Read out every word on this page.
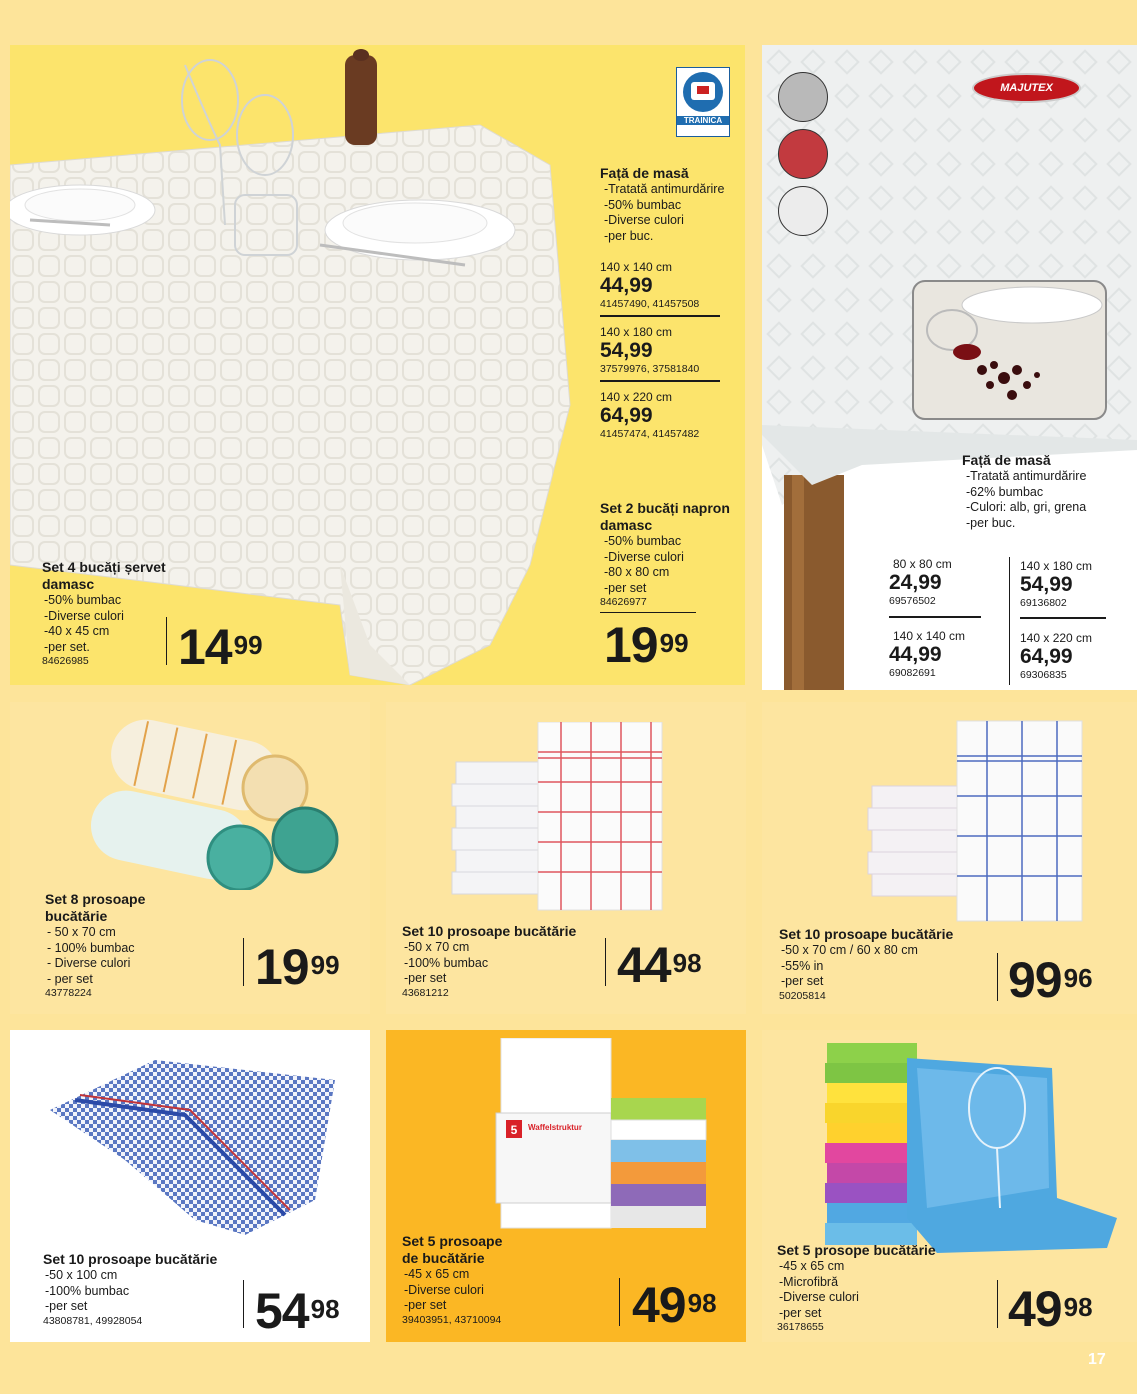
TRAINICA
Față de masă
-Tratată antimurdărire
-50% bumbac
-Diverse culori
-per buc.
140 x 140 cm
44,99
41457490, 41457508
140 x 180 cm
54,99
37579976, 37581840
140 x 220 cm
64,99
41457474, 41457482
Set 4 bucăți șervet
damasc
-50% bumbac
-Diverse culori
-40 x 45 cm
-per set.
84626985	$14^{99}$
Set 2 bucăți napron
damasc
-50% bumbac
-Diverse culori
-80 x 80 cm
-per set
84626977
$19^{99}$
MAJUTEX
Față de masă
-Tratată antimurdărire
-62% bumbac
-Culori: alb, gri, grena
-per buc.
80 x 80 cm
24,99
69576502
140 x 140 cm
44,99
69082691
140 x 180 cm
54,99
69136802
140 x 220 cm
64,99
69306835
Set 8 prosoape
bucătărie
- 50 x 70 cm
- 100% bumbac
- Diverse culori
- per set
43778224	$19^{99}$
Set 10 prosoape bucătărie
-50 x 70 cm
-100% bumbac
-per set
43681212	$44^{98}$
Set 10 prosoape bucătărie
-50 x 70 cm / 60 x 80 cm
-55% in
-per set
50205814	$99^{96}$
Set 10 prosoape bucătărie
-50 x 100 cm
-100% bumbac
-per set
43808781, 49928054	$54^{98}$
5 Waffelstruktur
Set 5 prosoape
de bucătărie
-45 x 65 cm
-Diverse culori
-per set
39403951, 43710094	$49^{98}$
Set 5 prosope bucătărie
-45 x 65 cm
-Microfibră
-Diverse culori
-per set
36178655	$49^{98}$
17
